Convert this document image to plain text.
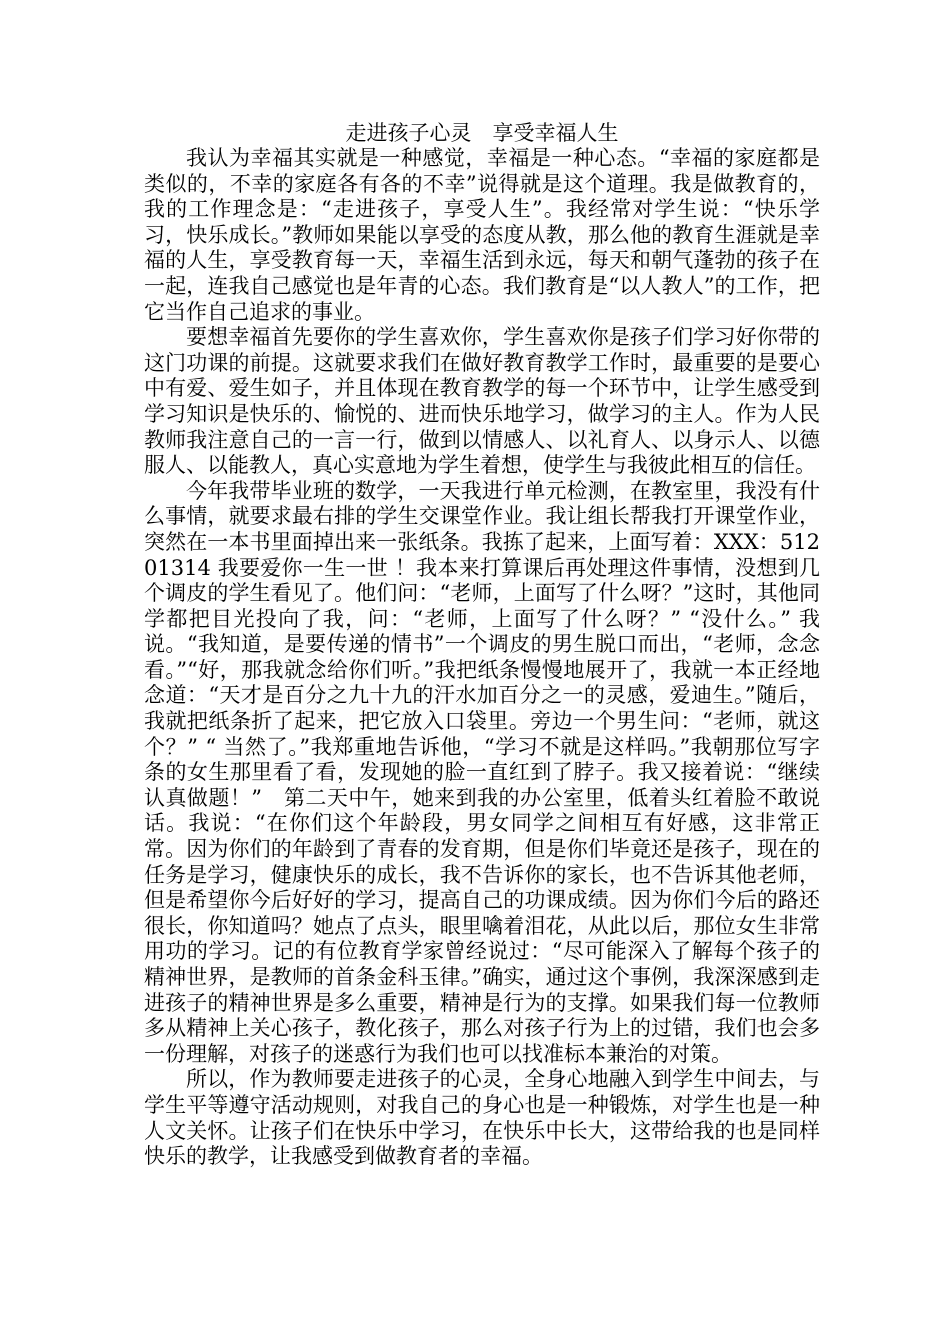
走进孩子心灵　享受幸福人生

我认为幸福其实就是一种感觉，幸福是一种心态。“幸福的家庭都是类似的，不幸的家庭各有各的不幸”说得就是这个道理。我是做教育的，我的工作理念是：“走进孩子，享受人生”。我经常对学生说：“快乐学习，快乐成长。”教师如果能以享受的态度从教，那么他的教育生涯就是幸福的人生，享受教育每一天，幸福生活到永远，每天和朝气蓬勃的孩子在一起，连我自己感觉也是年青的心态。我们教育是“以人教人”的工作，把它当作自己追求的事业。

要想幸福首先要你的学生喜欢你，学生喜欢你是孩子们学习好你带的这门功课的前提。这就要求我们在做好教育教学工作时，最重要的是要心中有爱、爱生如子，并且体现在教育教学的每一个环节中，让学生感受到学习知识是快乐的、愉悦的、进而快乐地学习，做学习的主人。作为人民教师我注意自己的一言一行，做到以情感人、以礼育人、以身示人、以德服人、以能教人，真心实意地为学生着想，使学生与我彼此相互的信任。

今年我带毕业班的数学，一天我进行单元检测，在教室里，我没有什么事情，就要求最右排的学生交课堂作业。我让组长帮我打开课堂作业，突然在一本书里面掉出来一张纸条。我拣了起来，上面写着：XXX：51201314 我要爱你一生一世 ！我本来打算课后再处理这件事情，没想到几个调皮的学生看见了。他们问：“老师，上面写了什么呀？”这时，其他同学都把目光投向了我，问：“老师，上面写了什么呀？” “没什么。” 我说。“我知道，是要传递的情书”一个调皮的男生脱口而出，“老师，念念看。”“好，那我就念给你们听。”我把纸条慢慢地展开了，我就一本正经地念道：“天才是百分之九十九的汗水加百分之一的灵感，爱迪生。”随后，我就把纸条折了起来，把它放入口袋里。旁边一个男生问：“老师，就这个？” “ 当然了。”我郑重地告诉他，“学习不就是这样吗。”我朝那位写字条的女生那里看了看，发现她的脸一直红到了脖子。我又接着说：“继续认真做题！”　第二天中午，她来到我的办公室里，低着头红着脸不敢说话。我说：“在你们这个年龄段，男女同学之间相互有好感，这非常正常。因为你们的年龄到了青春的发育期，但是你们毕竟还是孩子，现在的任务是学习，健康快乐的成长，我不告诉你的家长，也不告诉其他老师，但是希望你今后好好的学习，提高自己的功课成绩。因为你们今后的路还很长，你知道吗？她点了点头，眼里噙着泪花，从此以后，那位女生非常用功的学习。记的有位教育学家曾经说过：“尽可能深入了解每个孩子的精神世界，是教师的首条金科玉律。”确实，通过这个事例，我深深感到走进孩子的精神世界是多么重要，精神是行为的支撑。如果我们每一位教师多从精神上关心孩子，教化孩子，那么对孩子行为上的过错，我们也会多一份理解，对孩子的迷惑行为我们也可以找准标本兼治的对策。

所以，作为教师要走进孩子的心灵，全身心地融入到学生中间去，与学生平等遵守活动规则，对我自己的身心也是一种锻炼，对学生也是一种人文关怀。让孩子们在快乐中学习，在快乐中长大，这带给我的也是同样快乐的教学，让我感受到做教育者的幸福。
